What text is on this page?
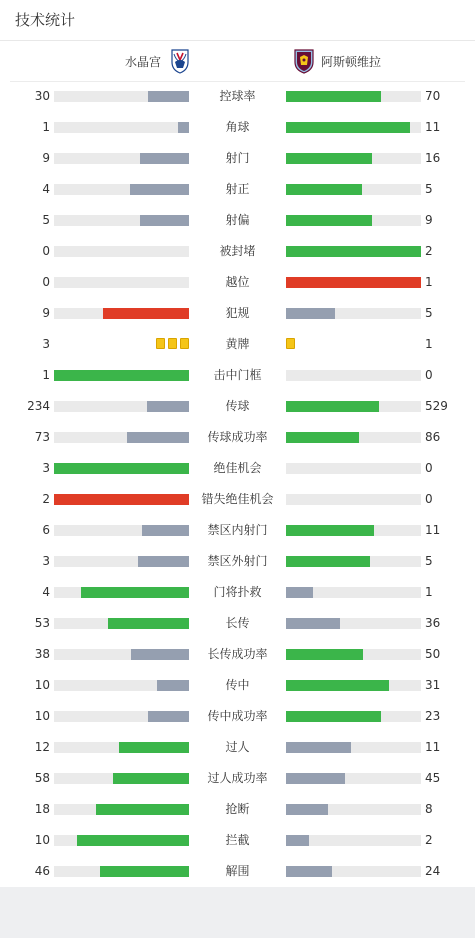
技术统计
水晶宫	阿斯顿维拉
30	控球率	70
1	角球	11
9	射门	16
4	射正	5
5	射偏	9
0	被封堵	2
0	越位	1
9	犯规	5
3	黄牌	1
1	击中门框	0
234	传球	529
73	传球成功率	86
3	绝佳机会	0
2	错失绝佳机会	0
6	禁区内射门	11
3	禁区外射门	5
4	门将扑救	1
53	长传	36
38	长传成功率	50
10	传中	31
10	传中成功率	23
12	过人	11
58	过人成功率	45
18	抢断	8
10	拦截	2
46	解围	24
